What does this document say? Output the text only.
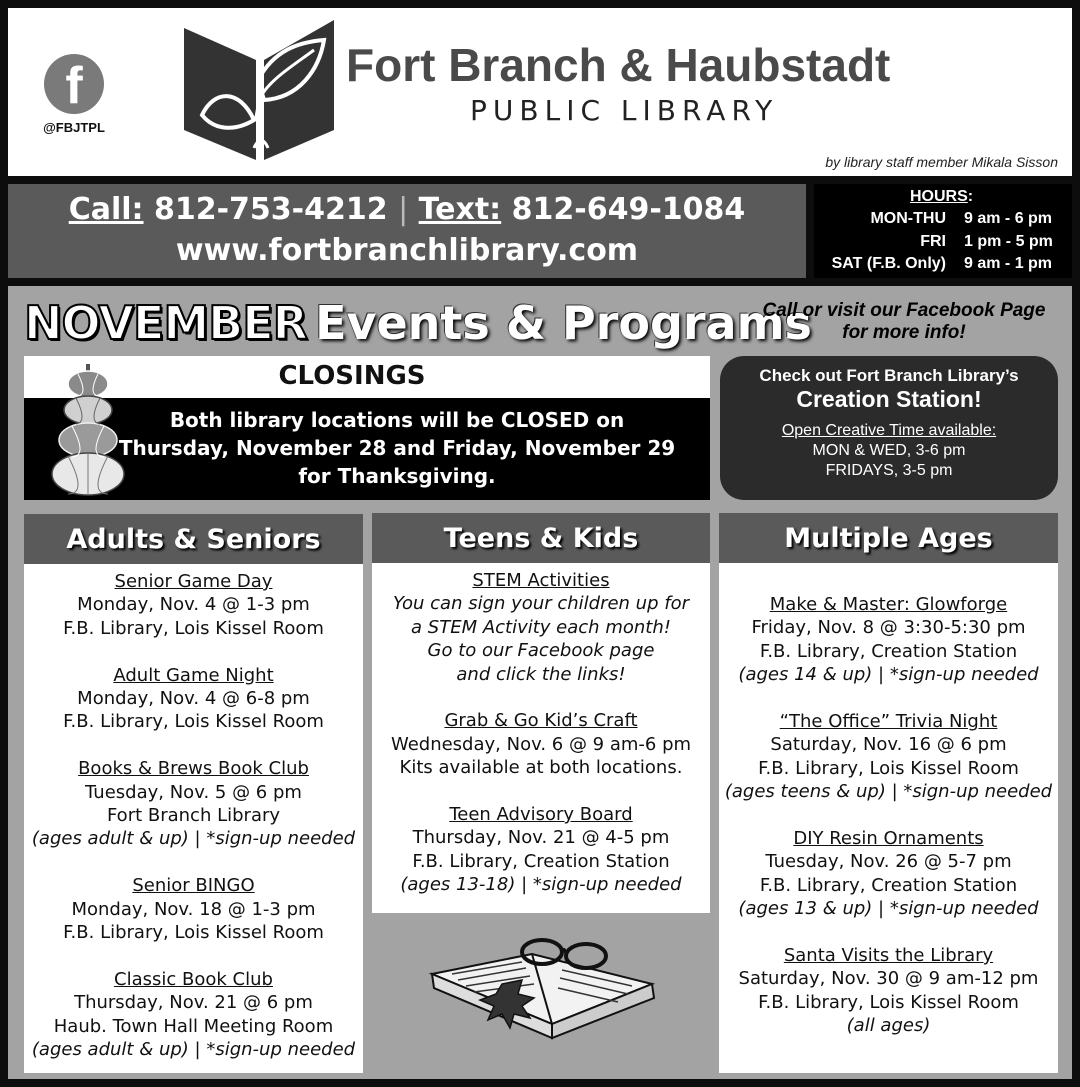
f
@FBJTPL
Fort Branch & Haubstadt
PUBLIC LIBRARY
by library staff member Mikala Sisson
Call: 812-753-4212 | Text: 812-649-1084
www.fortbranchlibrary.com
HOURS:
MON-THU 9 am - 6 pm
FRI 1 pm - 5 pm
SAT (F.B. Only) 9 am - 1 pm
NOVEMBER Events & Programs
Call or visit our Facebook Page
for more info!
CLOSINGS
Both library locations will be CLOSED on
Thursday, November 28 and Friday, November 29
for Thanksgiving.
Check out Fort Branch Library’s
Creation Station!
Open Creative Time available:
MON & WED, 3-6 pm
FRIDAYS, 3-5 pm
Adults & Seniors
Senior Game Day
Monday, Nov. 4 @ 1-3 pm
F.B. Library, Lois Kissel Room
Adult Game Night
Monday, Nov. 4 @ 6-8 pm
F.B. Library, Lois Kissel Room
Books & Brews Book Club
Tuesday, Nov. 5 @ 6 pm
Fort Branch Library
(ages adult & up) | *sign-up needed
Senior BINGO
Monday, Nov. 18 @ 1-3 pm
F.B. Library, Lois Kissel Room
Classic Book Club
Thursday, Nov. 21 @ 6 pm
Haub. Town Hall Meeting Room
(ages adult & up) | *sign-up needed
Teens & Kids
STEM Activities
You can sign your children up for
a STEM Activity each month!
Go to our Facebook page
and click the links!
Grab & Go Kid’s Craft
Wednesday, Nov. 6 @ 9 am-6 pm
Kits available at both locations.
Teen Advisory Board
Thursday, Nov. 21 @ 4-5 pm
F.B. Library, Creation Station
(ages 13-18) | *sign-up needed
Multiple Ages
Make & Master: Glowforge
Friday, Nov. 8 @ 3:30-5:30 pm
F.B. Library, Creation Station
(ages 14 & up) | *sign-up needed
“The Office” Trivia Night
Saturday, Nov. 16 @ 6 pm
F.B. Library, Lois Kissel Room
(ages teens & up) | *sign-up needed
DIY Resin Ornaments
Tuesday, Nov. 26 @ 5-7 pm
F.B. Library, Creation Station
(ages 13 & up) | *sign-up needed
Santa Visits the Library
Saturday, Nov. 30 @ 9 am-12 pm
F.B. Library, Lois Kissel Room
(all ages)
